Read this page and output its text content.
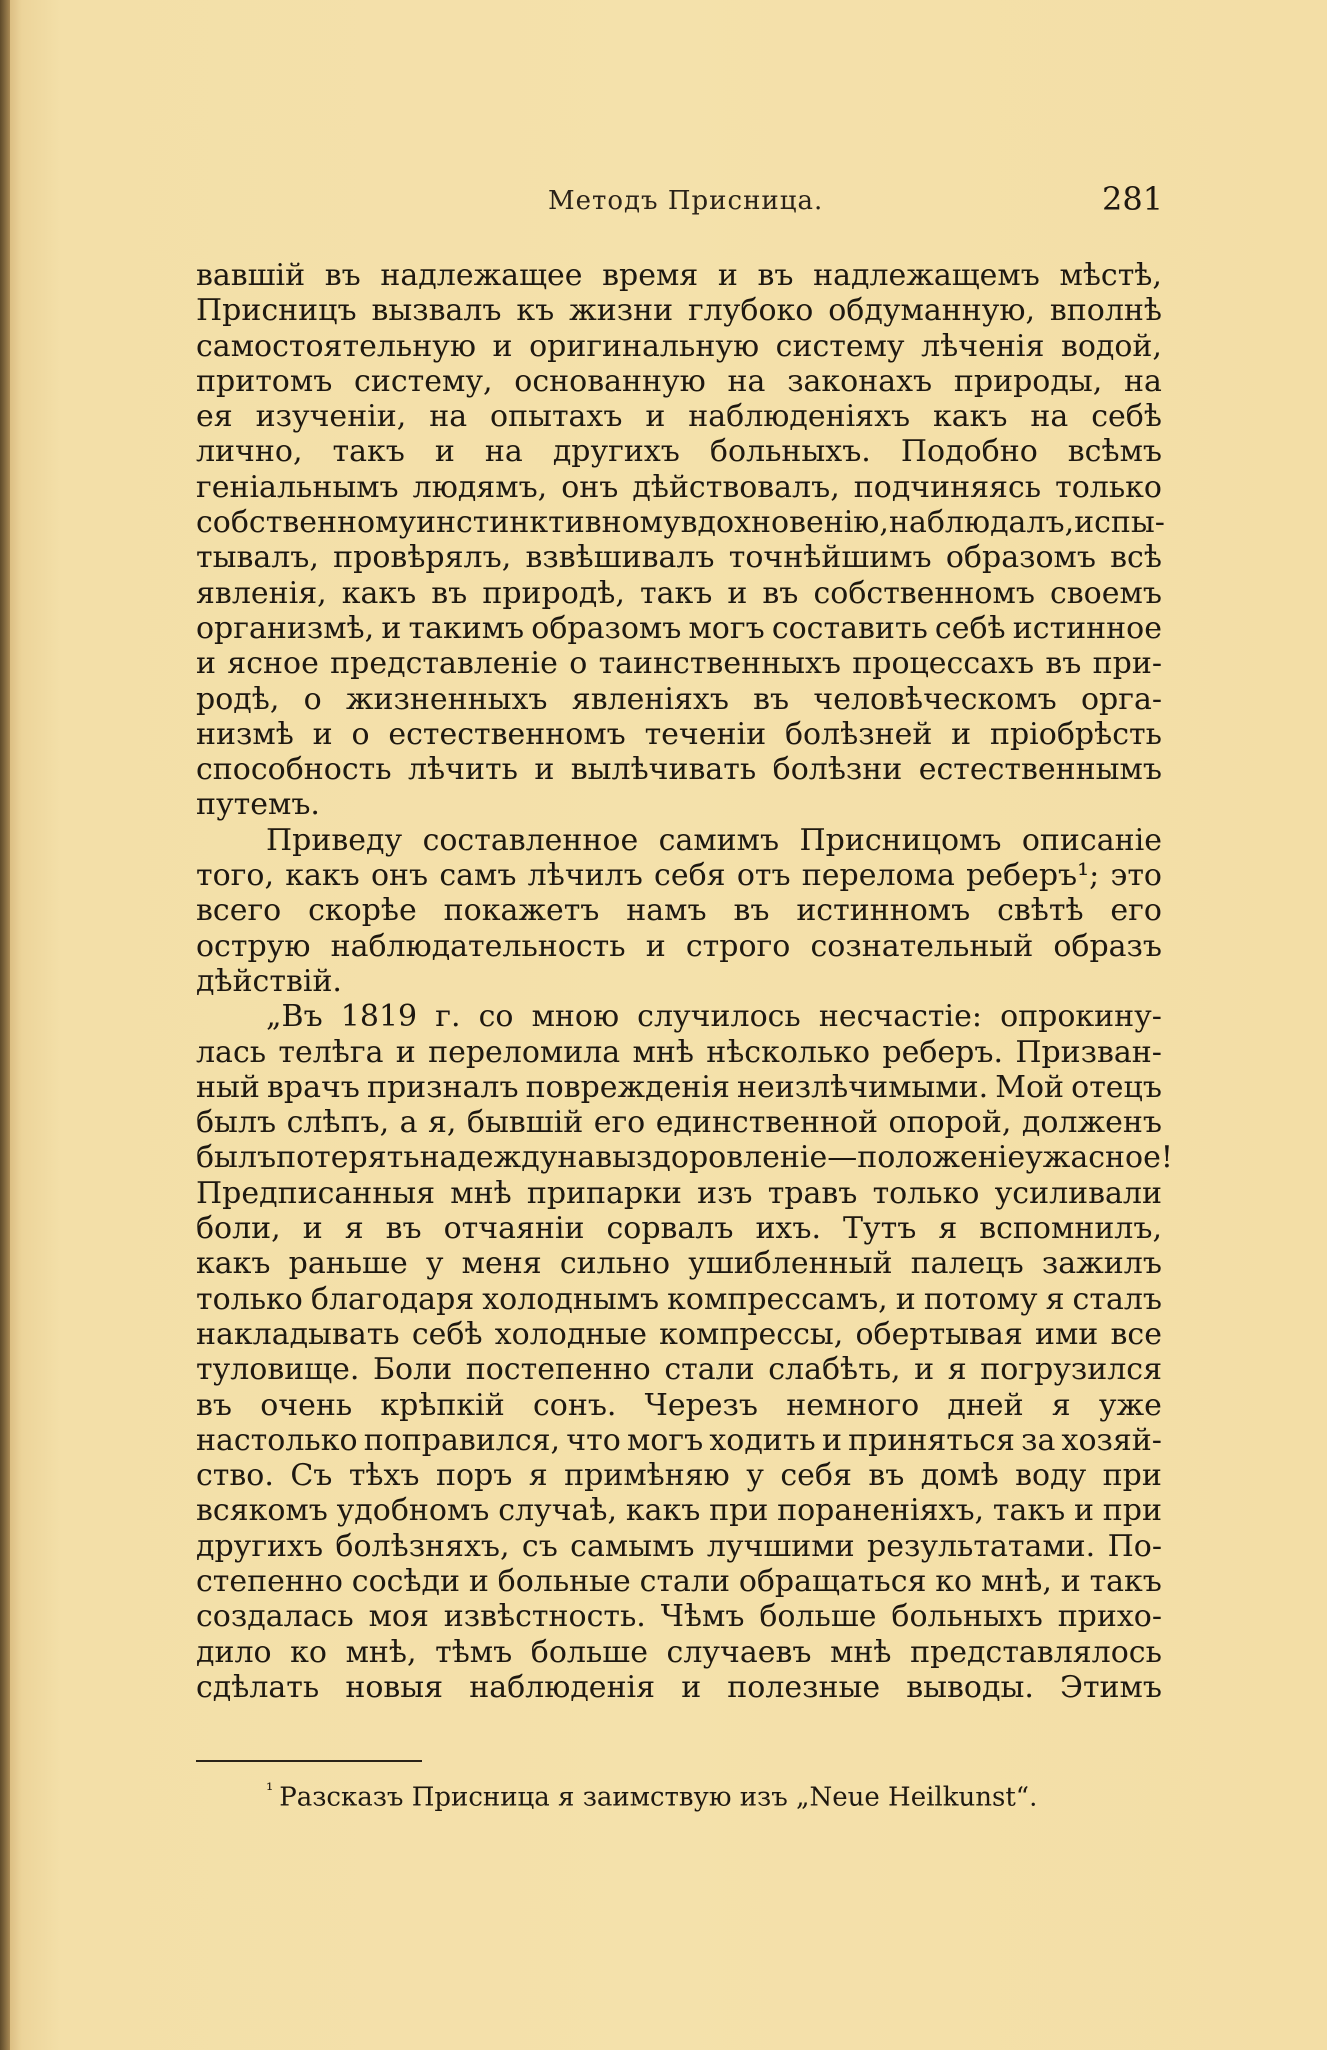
Методъ Присница.	281
вавшій въ надлежащее время и въ надлежащемъ мѣстѣ,
Присницъ вызвалъ къ жизни глубоко обдуманную, вполнѣ
самостоятельную и оригинальную систему лѣченія водой,
притомъ систему, основанную на законахъ природы, на
ея изученіи, на опытахъ и наблюденіяхъ какъ на себѣ
лично, такъ и на другихъ больныхъ. Подобно всѣмъ
геніальнымъ людямъ, онъ дѣйствовалъ, подчиняясь только
собственному инстинктивному вдохновенію, наблюдалъ, испы-
тывалъ, провѣрялъ, взвѣшивалъ точнѣйшимъ образомъ всѣ
явленія, какъ въ природѣ, такъ и въ собственномъ своемъ
организмѣ, и такимъ образомъ могъ составить себѣ истинное
и ясное представленіе о таинственныхъ процессахъ въ при-
родѣ, о жизненныхъ явленіяхъ въ человѣческомъ орга-
низмѣ и о естественномъ теченіи болѣзней и пріобрѣсть
способность лѣчить и вылѣчивать болѣзни естественнымъ
путемъ.
Приведу составленное самимъ Присницомъ описаніе
того, какъ онъ самъ лѣчилъ себя отъ перелома реберъ¹; это
всего скорѣе покажетъ намъ въ истинномъ свѣтѣ его
острую наблюдательность и строго сознательный образъ
дѣйствій.
„Въ 1819 г. со мною случилось несчастіе: опрокину-
лась телѣга и переломила мнѣ нѣсколько реберъ. Призван-
ный врачъ призналъ поврежденія неизлѣчимыми. Мой отецъ
былъ слѣпъ, а я, бывшій его единственной опорой, долженъ
былъ потерять надежду на выздоровленіе—положеніе ужасное!
Предписанныя мнѣ припарки изъ травъ только усиливали
боли, и я въ отчаяніи сорвалъ ихъ. Тутъ я вспомнилъ,
какъ раньше у меня сильно ушибленный палецъ зажилъ
только благодаря холоднымъ компрессамъ, и потому я сталъ
накладывать себѣ холодные компрессы, обертывая ими все
туловище. Боли постепенно стали слабѣть, и я погрузился
въ очень крѣпкій сонъ. Черезъ немного дней я уже
настолько поправился, что могъ ходить и приняться за хозяй-
ство. Съ тѣхъ поръ я примѣняю у себя въ домѣ воду при
всякомъ удобномъ случаѣ, какъ при пораненіяхъ, такъ и при
другихъ болѣзняхъ, съ самымъ лучшими результатами. По-
степенно сосѣди и больные стали обращаться ко мнѣ, и такъ
создалась моя извѣстность. Чѣмъ больше больныхъ прихо-
дило ко мнѣ, тѣмъ больше случаевъ мнѣ представлялось
сдѣлать новыя наблюденія и полезные выводы. Этимъ
$^{^1}$ Разсказъ Присница я заимствую изъ „Neue Heilkunst“.
